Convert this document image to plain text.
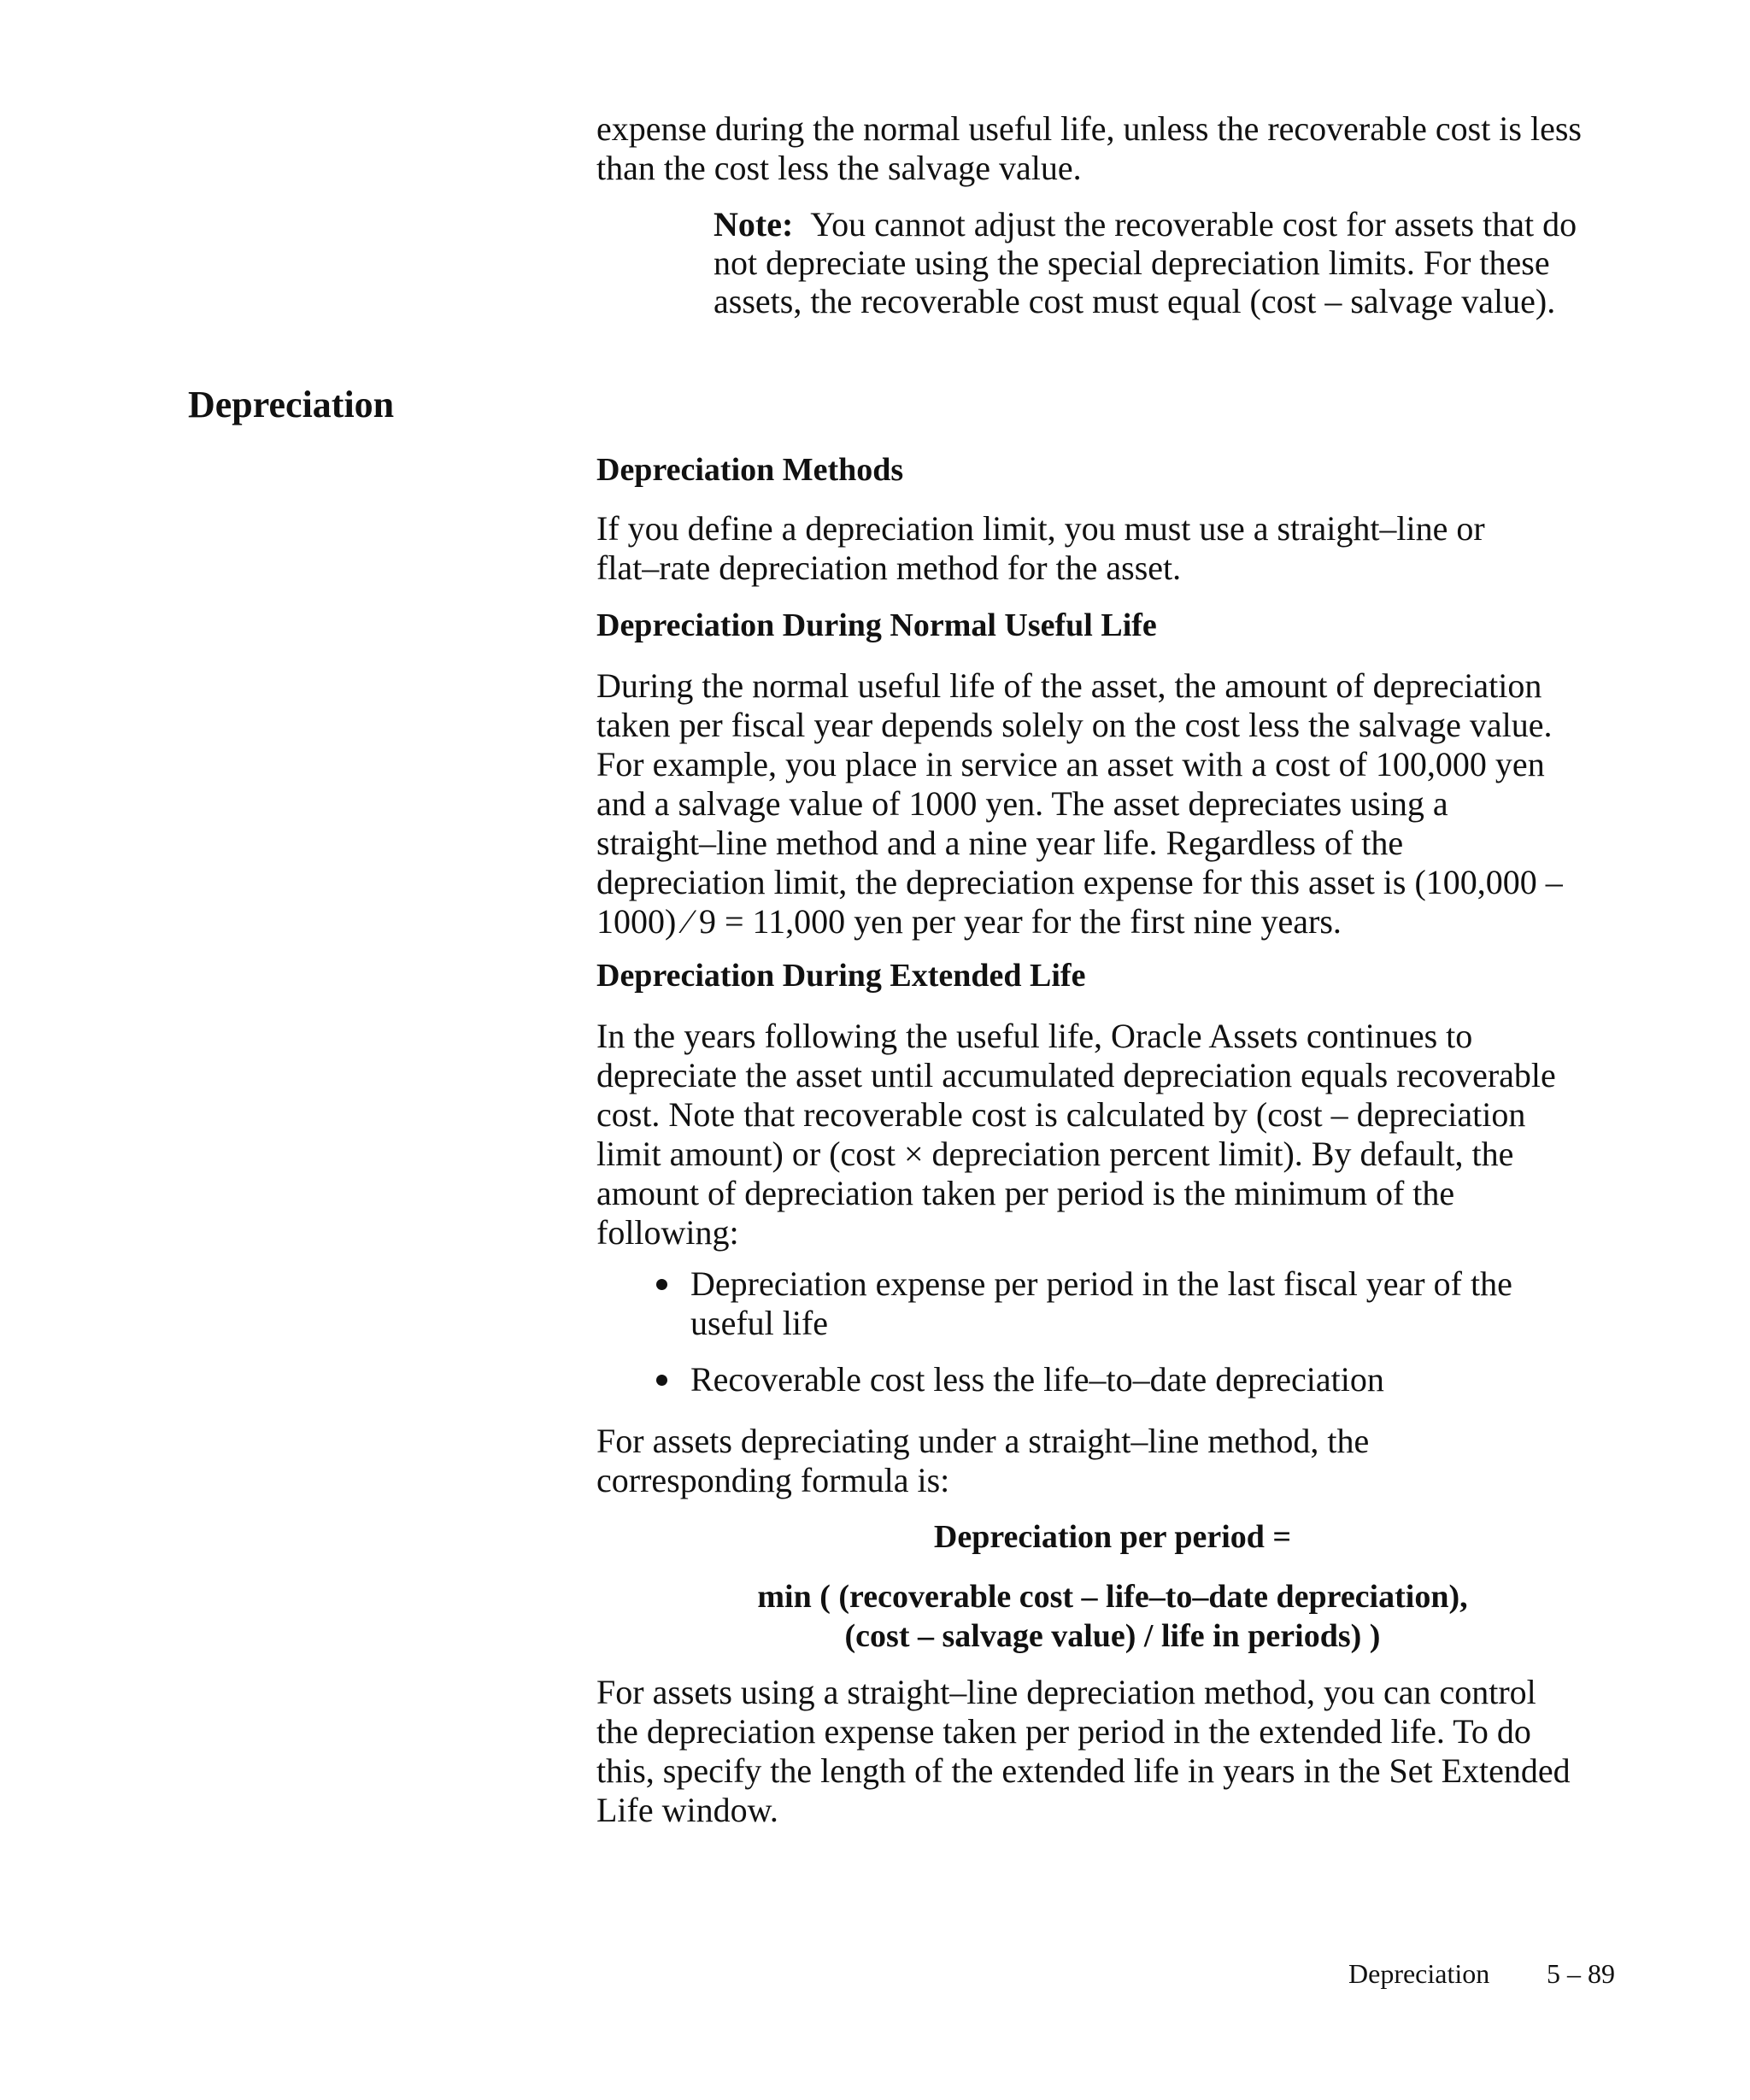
expense during the normal useful life, unless the recoverable cost is less
than the cost less the salvage value.
Note: You cannot adjust the recoverable cost for assets that do
not depreciate using the special depreciation limits. For these
assets, the recoverable cost must equal (cost – salvage value).
Depreciation
Depreciation Methods
If you define a depreciation limit, you must use a straight–line or
flat–rate depreciation method for the asset.
Depreciation During Normal Useful Life
During the normal useful life of the asset, the amount of depreciation
taken per fiscal year depends solely on the cost less the salvage value.
For example, you place in service an asset with a cost of 100,000 yen
and a salvage value of 1000 yen. The asset depreciates using a
straight–line method and a nine year life. Regardless of the
depreciation limit, the depreciation expense for this asset is (100,000 –
1000) ⁄ 9 = 11,000 yen per year for the first nine years.
Depreciation During Extended Life
In the years following the useful life, Oracle Assets continues to
depreciate the asset until accumulated depreciation equals recoverable
cost. Note that recoverable cost is calculated by (cost – depreciation
limit amount) or (cost × depreciation percent limit). By default, the
amount of depreciation taken per period is the minimum of the
following:
Depreciation expense per period in the last fiscal year of the
useful life
Recoverable cost less the life–to–date depreciation
For assets depreciating under a straight–line method, the
corresponding formula is:
Depreciation per period =
min ( (recoverable cost – life–to–date depreciation),
(cost – salvage value) / life in periods) )
For assets using a straight–line depreciation method, you can control
the depreciation expense taken per period in the extended life. To do
this, specify the length of the extended life in years in the Set Extended
Life window.

Depreciation 5 – 89
